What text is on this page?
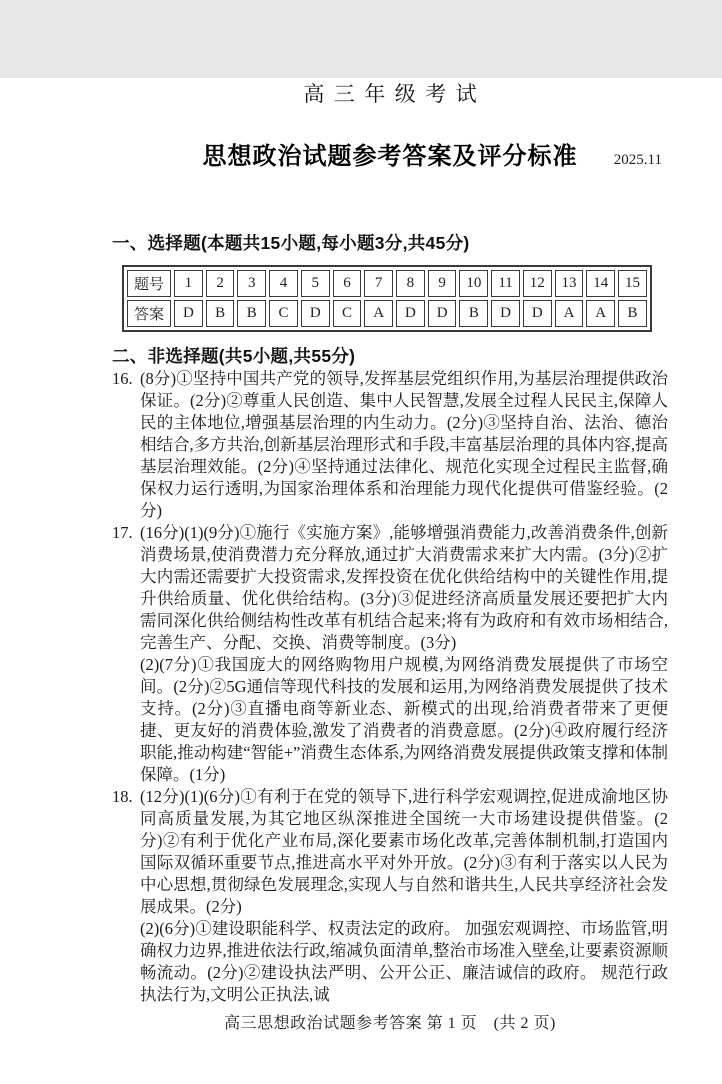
高三年级考试
思想政治试题参考答案及评分标准 2025.11
一、选择题(本题共15小题,每小题3分,共45分)
题号	1	2	3	4	5	6	7	8	9	10	11	12	13	14	15
答案	D	B	B	C	D	C	A	D	D	B	D	D	A	A	B
二、非选择题(共5小题,共55分)

16. (8分)①坚持中国共产党的领导,发挥基层党组织作用,为基层治理提供政治保证。(2分)②尊重人民创造、集中人民智慧,发展全过程人民民主,保障人民的主体地位,增强基层治理的内生动力。(2分)③坚持自治、法治、德治相结合,多方共治,创新基层治理形式和手段,丰富基层治理的具体内容,提高基层治理效能。(2分)④坚持通过法律化、规范化实现全过程民主监督,确保权力运行透明,为国家治理体系和治理能力现代化提供可借鉴经验。(2分)

17. (16分)(1)(9分)①施行《实施方案》,能够增强消费能力,改善消费条件,创新消费场景,使消费潜力充分释放,通过扩大消费需求来扩大内需。(3分)②扩大内需还需要扩大投资需求,发挥投资在优化供给结构中的关键性作用,提升供给质量、优化供给结构。(3分)③促进经济高质量发展还要把扩大内需同深化供给侧结构性改革有机结合起来;将有为政府和有效市场相结合,完善生产、分配、交换、消费等制度。(3分)

(2)(7分)①我国庞大的网络购物用户规模,为网络消费发展提供了市场空间。(2分)②5G通信等现代科技的发展和运用,为网络消费发展提供了技术支持。(2分)③直播电商等新业态、新模式的出现,给消费者带来了更便捷、更友好的消费体验,激发了消费者的消费意愿。(2分)④政府履行经济职能,推动构建“智能+”消费生态体系,为网络消费发展提供政策支撑和体制保障。(1分)

18. (12分)(1)(6分)①有利于在党的领导下,进行科学宏观调控,促进成渝地区协同高质量发展,为其它地区纵深推进全国统一大市场建设提供借鉴。(2分)②有利于优化产业布局,深化要素市场化改革,完善体制机制,打造国内国际双循环重要节点,推进高水平对外开放。(2分)③有利于落实以人民为中心思想,贯彻绿色发展理念,实现人与自然和谐共生,人民共享经济社会发展成果。(2分)

(2)(6分)①建设职能科学、权责法定的政府。 加强宏观调控、市场监管,明确权力边界,推进依法行政,缩减负面清单,整治市场准入壁垒,让要素资源顺畅流动。(2分)②建设执法严明、公开公正、廉洁诚信的政府。 规范行政执法行为,文明公正执法,诚

高三思想政治试题参考答案 第 1 页　(共 2 页)
